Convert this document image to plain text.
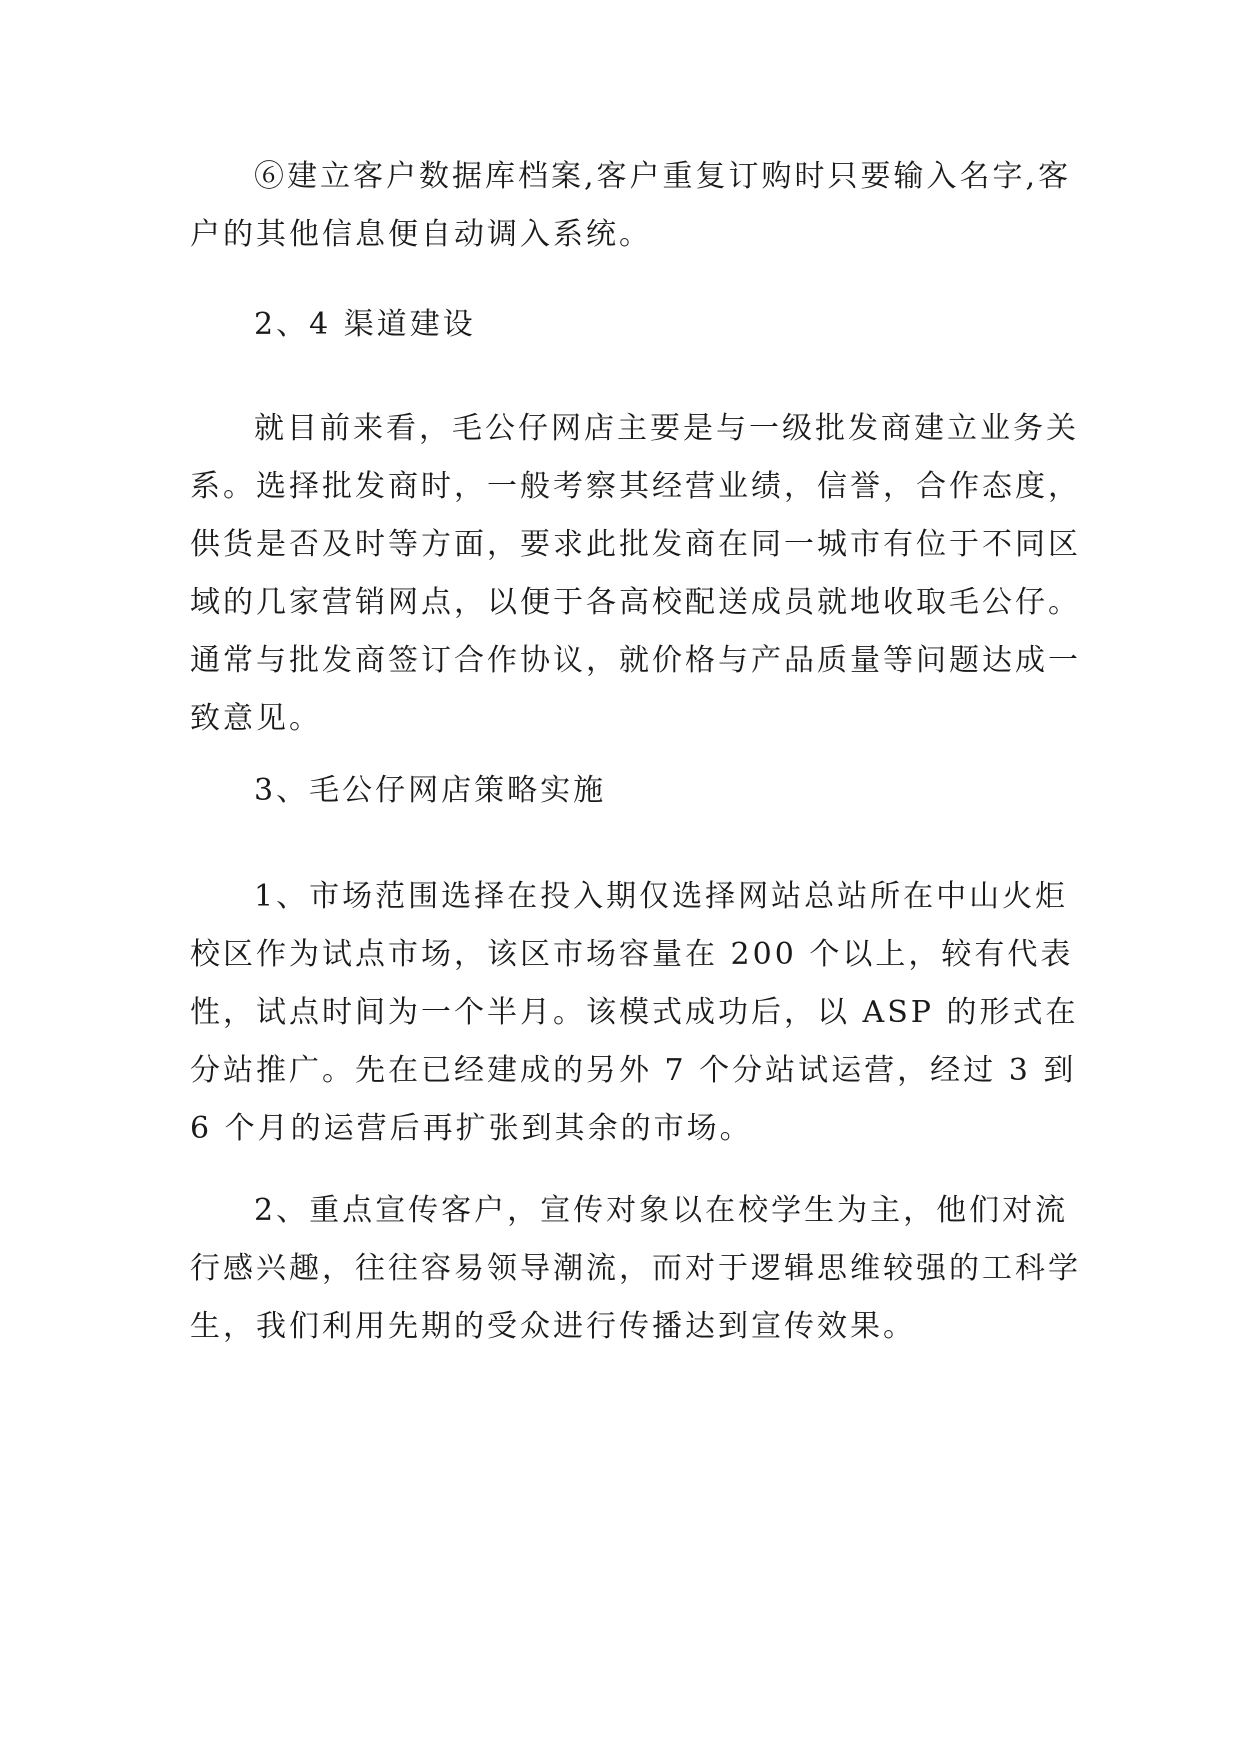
⑥建立客户数据库档案,客户重复订购时只要输入名字,客户的其他信息便自动调入系统。

2、4 渠道建设

就目前来看，毛公仔网店主要是与一级批发商建立业务关系。选择批发商时，一般考察其经营业绩，信誉，合作态度，供货是否及时等方面，要求此批发商在同一城市有位于不同区域的几家营销网点，以便于各高校配送成员就地收取毛公仔。通常与批发商签订合作协议，就价格与产品质量等问题达成一致意见。

3、毛公仔网店策略实施

1、市场范围选择在投入期仅选择网站总站所在中山火炬校区作为试点市场，该区市场容量在 200 个以上，较有代表性，试点时间为一个半月。该模式成功后，以 ASP 的形式在分站推广。先在已经建成的另外 7 个分站试运营，经过 3 到 6 个月的运营后再扩张到其余的市场。

2、重点宣传客户，宣传对象以在校学生为主，他们对流行感兴趣，往往容易领导潮流，而对于逻辑思维较强的工科学生，我们利用先期的受众进行传播达到宣传效果。
